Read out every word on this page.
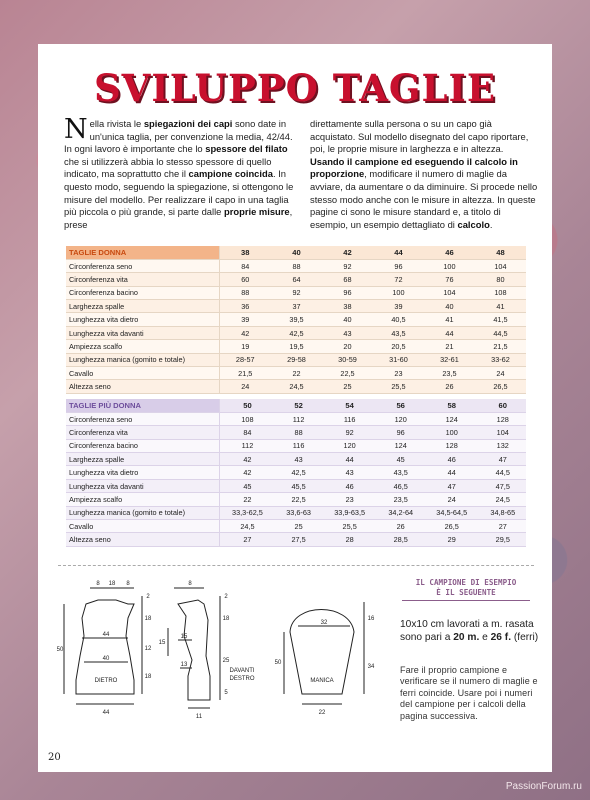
SVILUPPO TAGLIE
N ella rivista le spiegazioni dei capi sono date in un'unica taglia, per convenzione la media, 42/44. In ogni lavoro è importante che lo spessore del filato che si utilizzerà abbia lo stesso spessore di quello indicato, ma soprattutto che il campione coincida. In questo modo, seguendo la spiegazione, si ottengono le misure del modello. Per realizzare il capo in una taglia più piccola o più grande, si parte dalle proprie misure, prese
direttamente sulla persona o su un capo già acquistato. Sul modello disegnato del capo riportare, poi, le proprie misure in larghezza e in altezza. Usando il campione ed eseguendo il calcolo in proporzione, modificare il numero di maglie da avviare, da aumentare o da diminuire. Si procede nello stesso modo anche con le misure in altezza. In queste pagine ci sono le misure standard e, a titolo di esempio, un esempio dettagliato di calcolo.
TAGLIE DONNA	38	40	42	44	46	48
Circonferenza seno	84	88	92	96	100	104
Circonferenza vita	60	64	68	72	76	80
Circonferenza bacino	88	92	96	100	104	108
Larghezza spalle	36	37	38	39	40	41
Lunghezza vita dietro	39	39,5	40	40,5	41	41,5
Lunghezza vita davanti	42	42,5	43	43,5	44	44,5
Ampiezza scalfo	19	19,5	20	20,5	21	21,5
Lunghezza manica (gomito e totale)	28-57	29-58	30-59	31-60	32-61	33-62
Cavallo	21,5	22	22,5	23	23,5	24
Altezza seno	24	24,5	25	25,5	26	26,5
TAGLIE PIÙ DONNA	50	52	54	56	58	60
Circonferenza seno	108	112	116	120	124	128
Circonferenza vita	84	88	92	96	100	104
Circonferenza bacino	112	116	120	124	128	132
Larghezza spalle	42	43	44	45	46	47
Lunghezza vita dietro	42	42,5	43	43,5	44	44,5
Lunghezza vita davanti	45	45,5	46	46,5	47	47,5
Ampiezza scalfo	22	22,5	23	23,5	24	24,5
Lunghezza manica (gomito e totale)	33,3-62,5	33,6-63	33,9-63,5	34,2-64	34,5-64,5	34,8-65
Cavallo	24,5	25	25,5	26	26,5	27
Altezza seno	27	27,5	28	28,5	29	29,5
8 18 8
44
40
DIETRO
44
50
2
18
12
18
8
15
13
11
2
18
15
25
5
DAVANTI
DESTRO
32
MANICA
22
50
16
34
IL CAMPIONE DI ESEMPIO
È IL SEGUENTE
10x10 cm lavorati a m. rasata sono pari a 20 m. e 26 f. (ferri)
Fare il proprio campione e verificare se il numero di maglie e ferri coincide. Usare poi i numeri del campione per i calcoli della pagina successiva.
20
PassionForum.ru
